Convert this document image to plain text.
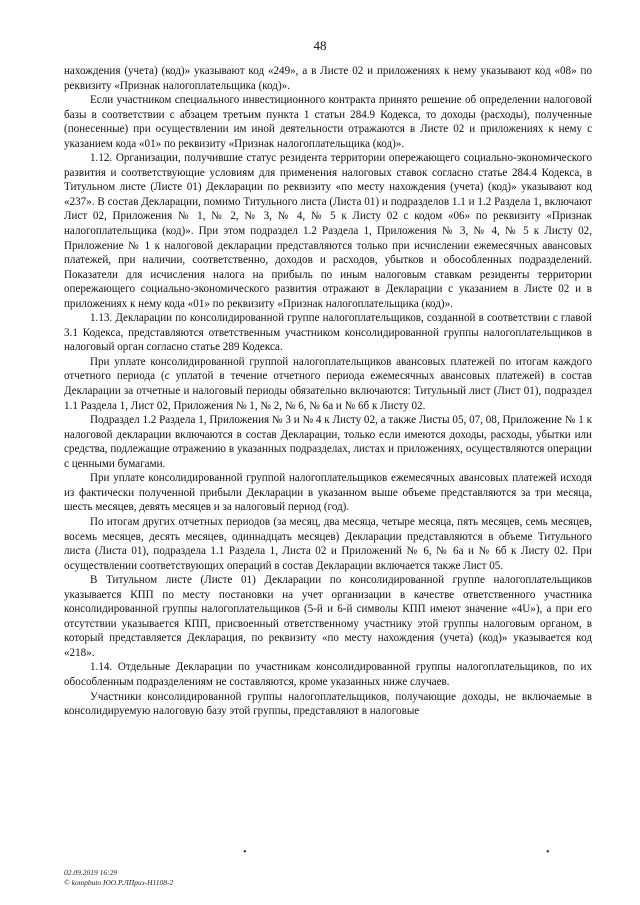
48

нахождения (учета) (код)» указывают код «249», а в Листе 02 и приложениях к нему указывают код «08» по реквизиту «Признак налогоплательщика (код)».

Если участником специального инвестиционного контракта принято решение об определении налоговой базы в соответствии с абзацем третьим пункта 1 статьи 284.9 Кодекса, то доходы (расходы), полученные (понесенные) при осуществлении им иной деятельности отражаются в Листе 02 и приложениях к нему с указанием кода «01» по реквизиту «Признак налогоплательщика (код)».

1.12. Организации, получившие статус резидента территории опережающего социально-экономического развития и соответствующие условиям для применения налоговых ставок согласно статье 284.4 Кодекса, в Титульном листе (Листе 01) Декларации по реквизиту «по месту нахождения (учета) (код)» указывают код «237». В состав Декларации, помимо Титульного листа (Листа 01) и подразделов 1.1 и 1.2 Раздела 1, включают Лист 02, Приложения № 1, № 2, № 3, № 4, № 5 к Листу 02 с кодом «06» по реквизиту «Признак налогоплательщика (код)». При этом подраздел 1.2 Раздела 1, Приложения № 3, № 4, № 5 к Листу 02, Приложение № 1 к налоговой декларации представляются только при исчислении ежемесячных авансовых платежей, при наличии, соответственно, доходов и расходов, убытков и обособленных подразделений. Показатели для исчисления налога на прибыль по иным налоговым ставкам резиденты территории опережающего социально-экономического развития отражают в Декларации с указанием в Листе 02 и в приложениях к нему кода «01» по реквизиту «Признак налогоплательщика (код)».

1.13. Декларации по консолидированной группе налогоплательщиков, созданной в соответствии с главой 3.1 Кодекса, представляются ответственным участником консолидированной группы налогоплательщиков в налоговый орган согласно статье 289 Кодекса.

При уплате консолидированной группой налогоплательщиков авансовых платежей по итогам каждого отчетного периода (с уплатой в течение отчетного периода ежемесячных авансовых платежей) в состав Декларации за отчетные и налоговый периоды обязательно включаются: Титульный лист (Лист 01), подраздел 1.1 Раздела 1, Лист 02, Приложения № 1, № 2, № 6, № 6а и № 6б к Листу 02.

Подраздел 1.2 Раздела 1, Приложения № 3 и № 4 к Листу 02, а также Листы 05, 07, 08, Приложение № 1 к налоговой декларации включаются в состав Декларации, только если имеются доходы, расходы, убытки или средства, подлежащие отражению в указанных подразделах, листах и приложениях, осуществляются операции с ценными бумагами.

При уплате консолидированной группой налогоплательщиков ежемесячных авансовых платежей исходя из фактически полученной прибыли Декларации в указанном выше объеме представляются за три месяца, шесть месяцев, девять месяцев и за налоговый период (год).

По итогам других отчетных периодов (за месяц, два месяца, четыре месяца, пять месяцев, семь месяцев, восемь месяцев, десять месяцев, одиннадцать месяцев) Декларации представляются в объеме Титульного листа (Листа 01), подраздела 1.1 Раздела 1, Листа 02 и Приложений № 6, № 6а и № 6б к Листу 02. При осуществлении соответствующих операций в состав Декларации включается также Лист 05.

В Титульном листе (Листе 01) Декларации по консолидированной группе налогоплательщиков указывается КПП по месту постановки на учет организации в качестве ответственного участника консолидированной группы налогоплательщиков (5-й и 6-й символы КПП имеют значение «4U»), а при его отсутствии указывается КПП, присвоенный ответственному участнику этой группы налоговым органом, в который представляется Декларация, по реквизиту «по месту нахождения (учета) (код)» указывается код «218».

1.14. Отдельные Декларации по участникам консолидированной группы налогоплательщиков, по их обособленным подразделениям не составляются, кроме указанных ниже случаев.

Участники консолидированной группы налогоплательщиков, получающие доходы, не включаемые в консолидируемую налоговую базу этой группы, представляют в налоговые

•	•
02.09.2019 16:29
© kompbuto ЮО.Р.ЛПриз-Н1108-2
